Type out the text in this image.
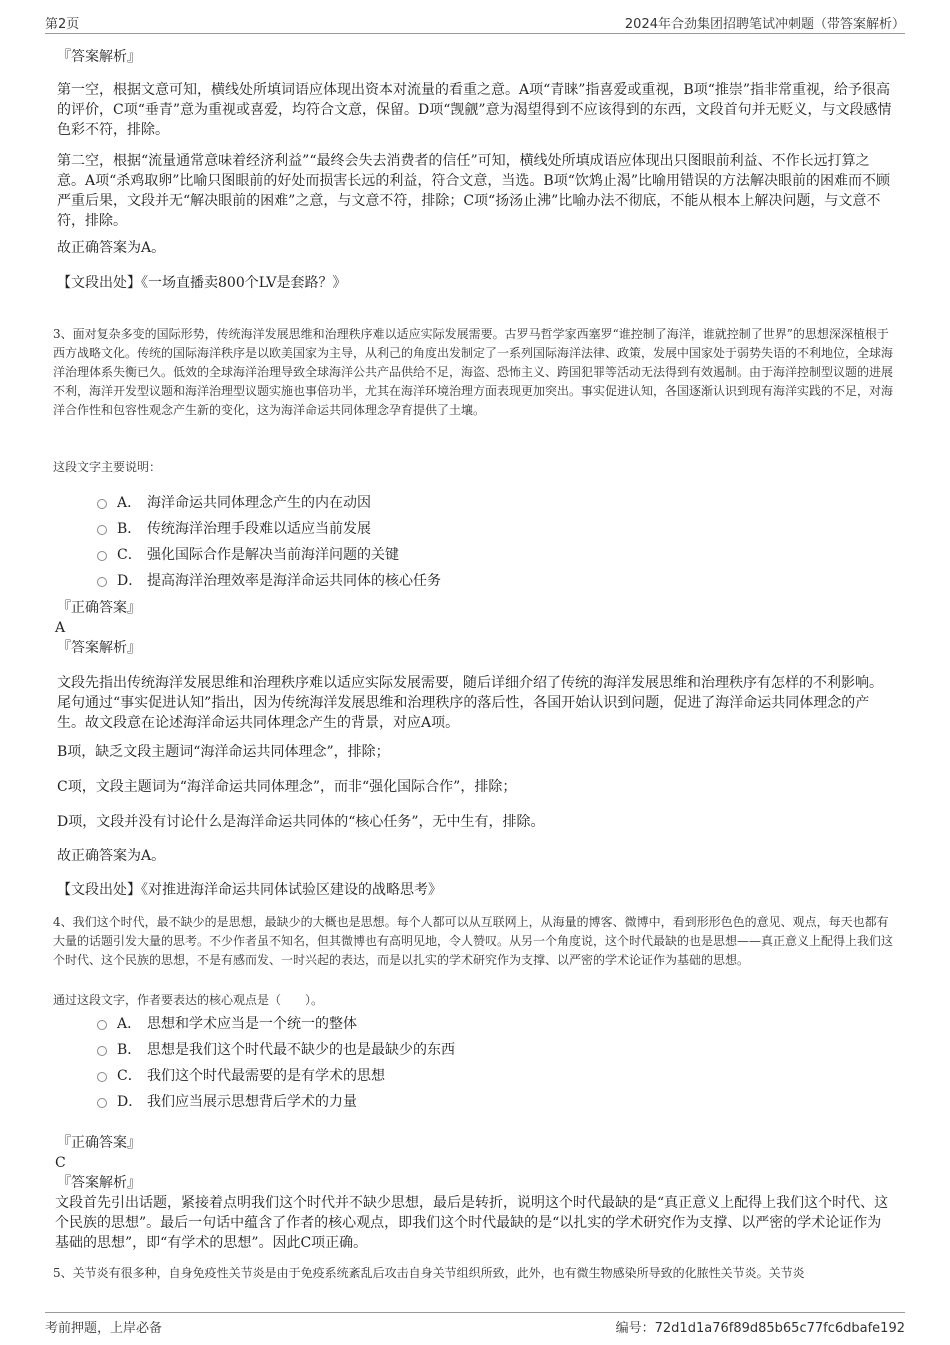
第2页	2024年合劲集团招聘笔试冲刺题（带答案解析）
『答案解析』
第一空，根据文意可知，横线处所填词语应体现出资本对流量的看重之意。A项“青睐”指喜爱或重视，B项“推崇”指非常重视，给予很高的评价，C项“垂青”意为重视或喜爱，均符合文意，保留。D项“觊觎”意为渴望得到不应该得到的东西，文段首句并无贬义，与文段感情色彩不符，排除。
第二空，根据“流量通常意味着经济利益”“最终会失去消费者的信任”可知，横线处所填成语应体现出只图眼前利益、不作长远打算之意。A项“杀鸡取卵”比喻只图眼前的好处而损害长远的利益，符合文意，当选。B项“饮鸩止渴”比喻用错误的方法解决眼前的困难而不顾严重后果，文段并无“解决眼前的困难”之意，与文意不符，排除；C项“扬汤止沸”比喻办法不彻底，不能从根本上解决问题，与文意不符，排除。
故正确答案为A。
【文段出处】《一场直播卖800个LV是套路？》
3、面对复杂多变的国际形势，传统海洋发展思维和治理秩序难以适应实际发展需要。古罗马哲学家西塞罗“谁控制了海洋，谁就控制了世界”的思想深深植根于西方战略文化。传统的国际海洋秩序是以欧美国家为主导，从利己的角度出发制定了一系列国际海洋法律、政策，发展中国家处于弱势失语的不利地位，全球海洋治理体系失衡已久。低效的全球海洋治理导致全球海洋公共产品供给不足，海盗、恐怖主义、跨国犯罪等活动无法得到有效遏制。由于海洋控制型议题的进展不利，海洋开发型议题和海洋治理型议题实施也事倍功半，尤其在海洋环境治理方面表现更加突出。事实促进认知，各国逐渐认识到现有海洋实践的不足，对海洋合作性和包容性观念产生新的变化，这为海洋命运共同体理念孕育提供了土壤。
这段文字主要说明：
A． 海洋命运共同体理念产生的内在动因
B． 传统海洋治理手段难以适应当前发展
C． 强化国际合作是解决当前海洋问题的关键
D． 提高海洋治理效率是海洋命运共同体的核心任务
『正确答案』
A
『答案解析』
文段先指出传统海洋发展思维和治理秩序难以适应实际发展需要，随后详细介绍了传统的海洋发展思维和治理秩序有怎样的不利影响。尾句通过“事实促进认知”指出，因为传统海洋发展思维和治理秩序的落后性，各国开始认识到问题，促进了海洋命运共同体理念的产生。故文段意在论述海洋命运共同体理念产生的背景，对应A项。
B项，缺乏文段主题词“海洋命运共同体理念”，排除；
C项，文段主题词为“海洋命运共同体理念”，而非“强化国际合作”，排除；
D项，文段并没有讨论什么是海洋命运共同体的“核心任务”，无中生有，排除。
故正确答案为A。
【文段出处】《对推进海洋命运共同体试验区建设的战略思考》
4、我们这个时代，最不缺少的是思想，最缺少的大概也是思想。每个人都可以从互联网上，从海量的博客、微博中，看到形形色色的意见、观点，每天也都有大量的话题引发大量的思考。不少作者虽不知名，但其微博也有高明见地，令人赞叹。从另一个角度说，这个时代最缺的也是思想——真正意义上配得上我们这个时代、这个民族的思想，不是有感而发、一时兴起的表达，而是以扎实的学术研究作为支撑、以严密的学术论证作为基础的思想。
通过这段文字，作者要表达的核心观点是（　　）。
A． 思想和学术应当是一个统一的整体
B． 思想是我们这个时代最不缺少的也是最缺少的东西
C． 我们这个时代最需要的是有学术的思想
D． 我们应当展示思想背后学术的力量
『正确答案』
C
『答案解析』
文段首先引出话题，紧接着点明我们这个时代并不缺少思想，最后是转折，说明这个时代最缺的是“真正意义上配得上我们这个时代、这个民族的思想”。最后一句话中蕴含了作者的核心观点，即我们这个时代最缺的是“以扎实的学术研究作为支撑、以严密的学术论证作为基础的思想”，即“有学术的思想”。因此C项正确。
5、关节炎有很多种，自身免疫性关节炎是由于免疫系统紊乱后攻击自身关节组织所致，此外，也有微生物感染所导致的化脓性关节炎。关节炎
考前押题，上岸必备	编号：72d1d1a76f89d85b65c77fc6dbafe192
